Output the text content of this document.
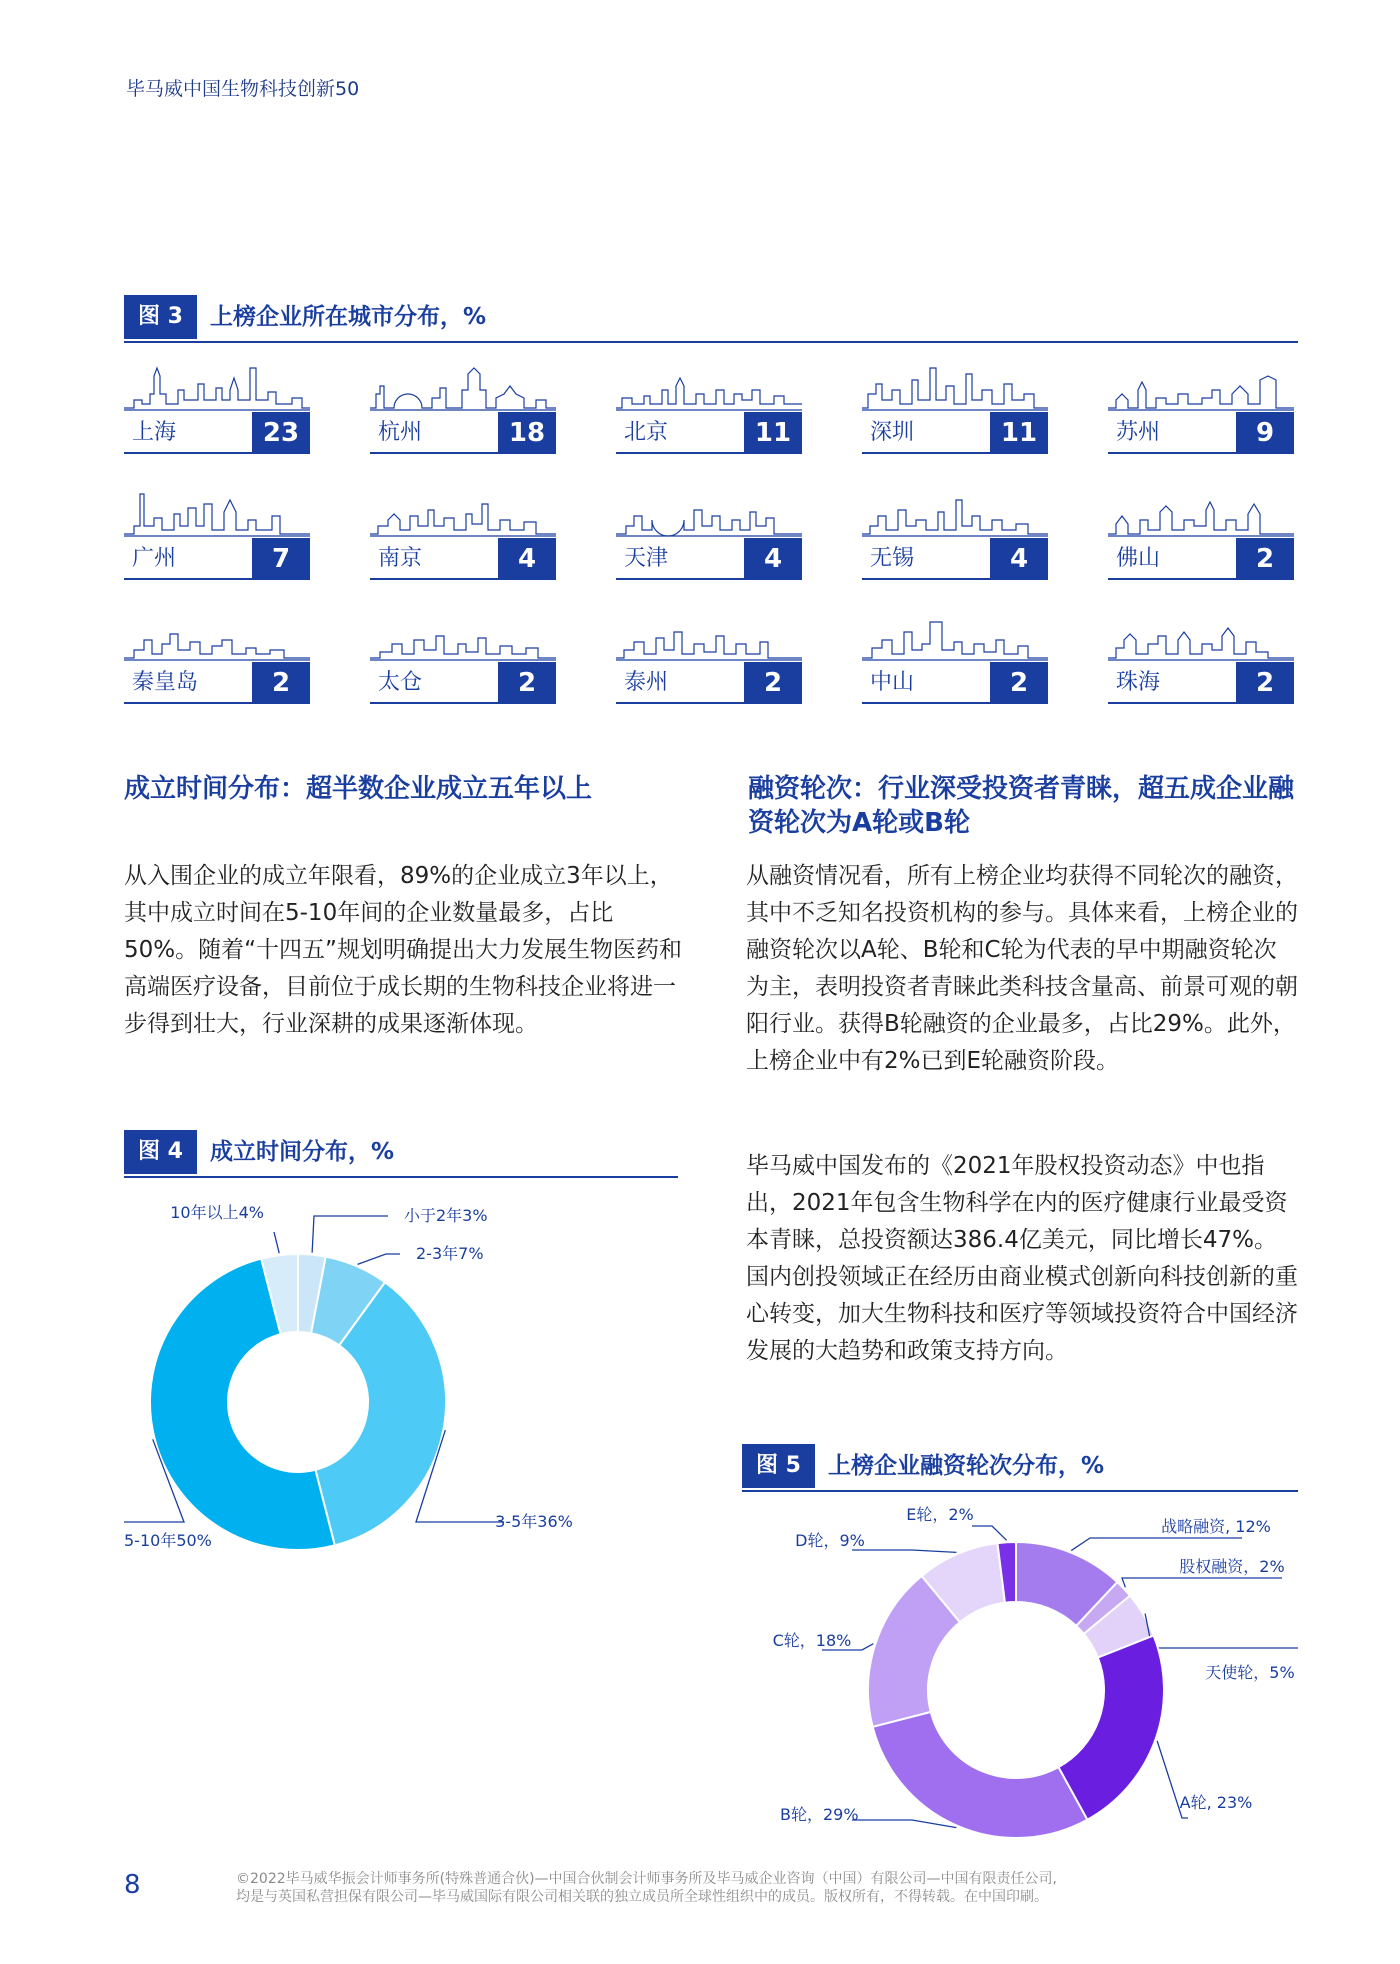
毕马威中国生物科技创新50
图 3	上榜企业所在城市分布，%
上海	23	杭州	18	北京	11	深圳	11	苏州	9
广州	7	南京	4	天津	4	无锡	4	佛山	2
秦皇岛	2	太仓	2	泰州	2	中山	2	珠海	2
成立时间分布：超半数企业成立五年以上
从入围企业的成立年限看，89%的企业成立3年以上，其中成立时间在5-10年间的企业数量最多，占比50%。随着“十四五”规划明确提出大力发展生物医药和高端医疗设备，目前位于成长期的生物科技企业将进一步得到壮大，行业深耕的成果逐渐体现。
融资轮次：行业深受投资者青睐，超五成企业融资轮次为A轮或B轮
从融资情况看，所有上榜企业均获得不同轮次的融资，其中不乏知名投资机构的参与。具体来看，上榜企业的融资轮次以A轮、B轮和C轮为代表的早中期融资轮次为主，表明投资者青睐此类科技含量高、前景可观的朝阳行业。获得B轮融资的企业最多，占比29%。此外，上榜企业中有2%已到E轮融资阶段。
毕马威中国发布的《2021年股权投资动态》中也指出，2021年包含生物科学在内的医疗健康行业最受资本青睐，总投资额达386.4亿美元，同比增长47%。国内创投领域正在经历由商业模式创新向科技创新的重心转变，加大生物科技和医疗等领域投资符合中国经济发展的大趋势和政策支持方向。
图 4	成立时间分布，%
小于2年3%
2-3年7%
3-5年36%
5-10年50%
10年以上4%
图 5	上榜企业融资轮次分布，%
战略融资, 12%
股权融资，2%
天使轮，5%
A轮, 23%
B轮，29%
C轮，18%
D轮，9%
E轮，2%
8	©2022毕马威华振会计师事务所(特殊普通合伙)—中国合伙制会计师事务所及毕马威企业咨询（中国）有限公司—中国有限责任公司,
均是与英国私营担保有限公司—毕马威国际有限公司相关联的独立成员所全球性组织中的成员。版权所有，不得转载。在中国印刷。
